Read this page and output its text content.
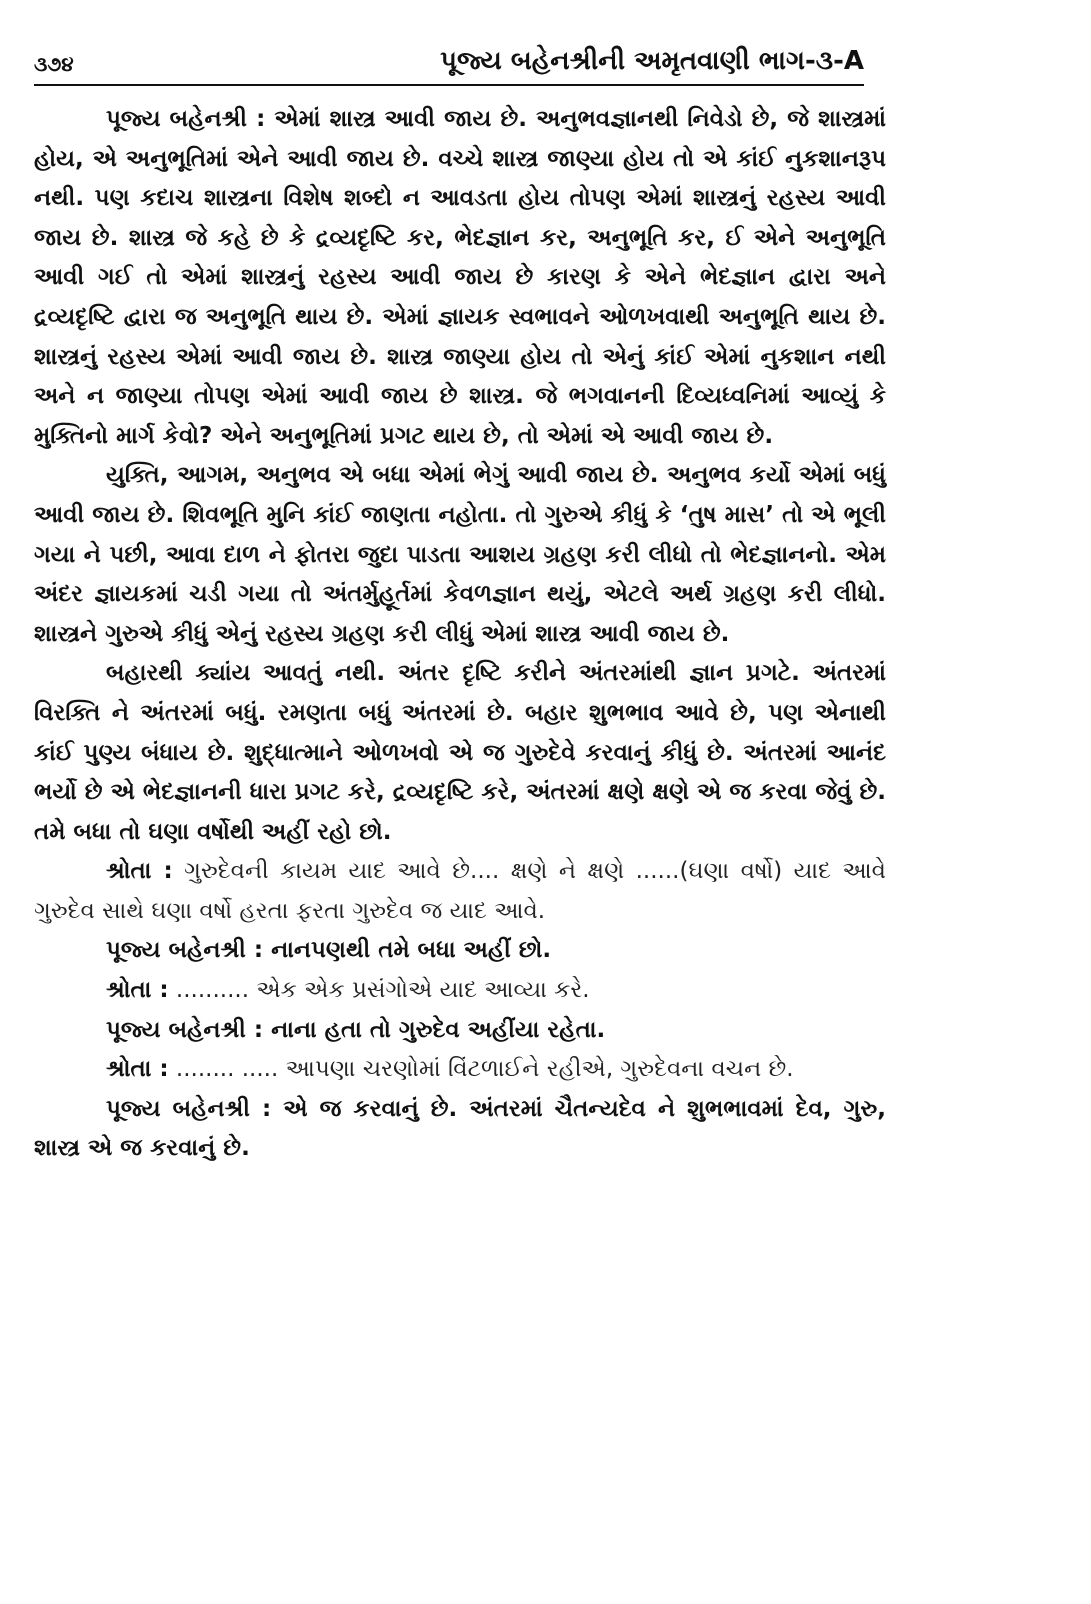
૩૭૪	પૂજ્ય બહેનશ્રીની અમૃતવાણી ભાગ-૩-A

પૂજ્ય બહેનશ્રી : એમાં શાસ્ત્ર આવી જાય છે. અનુભવજ્ઞાનથી નિવેડો છે, જે શાસ્ત્રમાં હોય, એ અનુભૂતિમાં એને આવી જાય છે. વચ્ચે શાસ્ત્ર જાણ્યા હોય તો એ કાંઈ નુકશાનરૂપ નથી. પણ કદાચ શાસ્ત્રના વિશેષ શબ્દો ન આવડતા હોય તોપણ એમાં શાસ્ત્રનું રહસ્ય આવી જાય છે. શાસ્ત્ર જે કહે છે કે દ્રવ્યદૃષ્ટિ કર, ભેદજ્ઞાન કર, અનુભૂતિ કર, ઈ એને અનુભૂતિ આવી ગઈ તો એમાં શાસ્ત્રનું રહસ્ય આવી જાય છે કારણ કે એને ભેદજ્ઞાન દ્વારા અને દ્રવ્યદૃષ્ટિ દ્વારા જ અનુભૂતિ થાય છે. એમાં જ્ઞાયક સ્વભાવને ઓળખવાથી અનુભૂતિ થાય છે. શાસ્ત્રનું રહસ્ય એમાં આવી જાય છે. શાસ્ત્ર જાણ્યા હોય તો એનું કાંઈ એમાં નુકશાન નથી અને ન જાણ્યા તોપણ એમાં આવી જાય છે શાસ્ત્ર. જે ભગવાનની દિવ્યધ્વનિમાં આવ્યું કે મુક્તિનો માર્ગ કેવો? એને અનુભૂતિમાં પ્રગટ થાય છે, તો એમાં એ આવી જાય છે.

યુક્તિ, આગમ, અનુભવ એ બધા એમાં ભેગું આવી જાય છે. અનુભવ કર્યો એમાં બધું આવી જાય છે. શિવભૂતિ મુનિ કાંઈ જાણતા નહોતા. તો ગુરુએ કીધું કે ‘તુષ માસ’ તો એ ભૂલી ગયા ને પછી, આવા દાળ ને ફોતરા જુદા પાડતા આશય ગ્રહણ કરી લીધો તો ભેદજ્ઞાનનો. એમ અંદર જ્ઞાયકમાં ચડી ગયા તો અંતર્મુહૂર્તમાં કેવળજ્ઞાન થયું, એટલે અર્થ ગ્રહણ કરી લીધો. શાસ્ત્રને ગુરુએ કીધું એનું રહસ્ય ગ્રહણ કરી લીધું એમાં શાસ્ત્ર આવી જાય છે.

બહારથી ક્યાંય આવતું નથી. અંતર દૃષ્ટિ કરીને અંતરમાંથી જ્ઞાન પ્રગટે. અંતરમાં વિરક્તિ ને અંતરમાં બધું. રમણતા બધું અંતરમાં છે. બહાર શુભભાવ આવે છે, પણ એનાથી કાંઈ પુણ્ય બંધાય છે. શુદ્ધાત્માને ઓળખવો એ જ ગુરુદેવે કરવાનું કીધું છે. અંતરમાં આનંદ ભર્યો છે એ ભેદજ્ઞાનની ધારા પ્રગટ કરે, દ્રવ્યદૃષ્ટિ કરે, અંતરમાં ક્ષણે ક્ષણે એ જ કરવા જેવું છે. તમે બધા તો ઘણા વર્ષોથી અહીં રહો છો.

શ્રોતા : ગુરુદેવની કાયમ યાદ આવે છે.... ક્ષણે ને ક્ષણે ......(ઘણા વર્ષો) યાદ આવે ગુરુદેવ સાથે ઘણા વર્ષો હરતા ફરતા ગુરુદેવ જ યાદ આવે.

પૂજ્ય બહેનશ્રી : નાનપણથી તમે બધા અહીં છો.

શ્રોતા : .......... એક એક પ્રસંગોએ યાદ આવ્યા કરે.

પૂજ્ય બહેનશ્રી : નાના હતા તો ગુરુદેવ અહીંયા રહેતા.

શ્રોતા : ........ ..... આપણા ચરણોમાં વિંટળાઈને રહીએ, ગુરુદેવના વચન છે.

પૂજ્ય બહેનશ્રી : એ જ કરવાનું છે. અંતરમાં ચૈતન્યદેવ ને શુભભાવમાં દેવ, ગુરુ, શાસ્ત્ર એ જ કરવાનું છે.
